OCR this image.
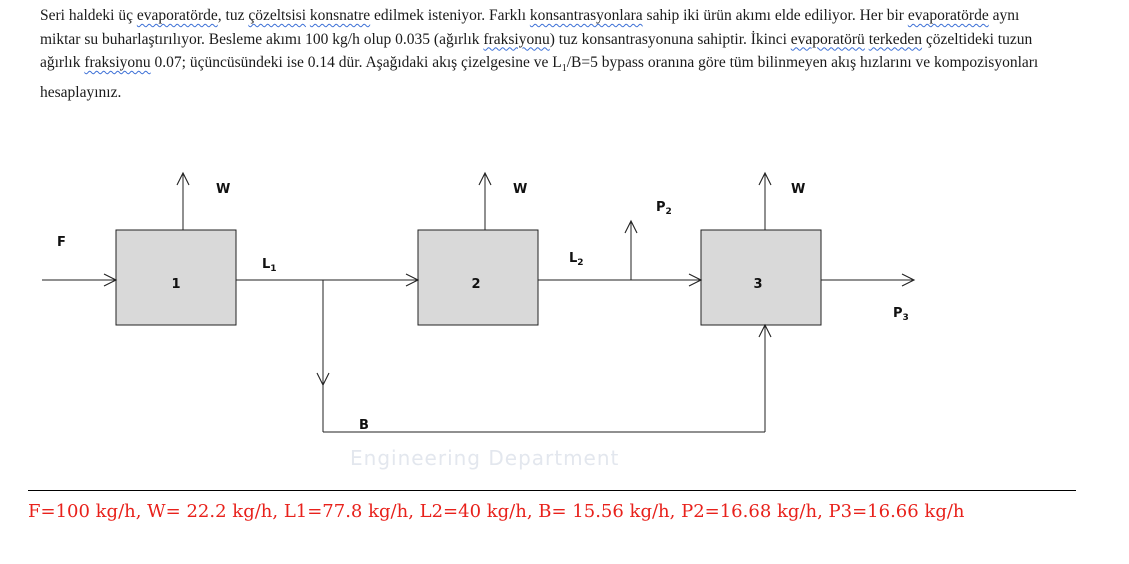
Seri haldeki üç evaporatörde, tuz çözeltsisi konsnatre edilmek isteniyor. Farklı konsantrasyonlara sahip iki ürün akımı elde ediliyor. Her bir evaporatörde aynı miktar su buharlaştırılıyor. Besleme akımı 100 kg/h olup 0.035 (ağırlık fraksiyonu) tuz konsantrasyonuna sahiptir. İkinci evaporatörü terkeden çözeltideki tuzun ağırlık fraksiyonu 0.07; üçüncüsündeki ise 0.14 dür. Aşağıdaki akış çizelgesine ve $L_1/B=5$ bypass oranına göre tüm bilinmeyen akış hızlarını ve kompozisyonları hesaplayınız.

1	2	3
F
W	W	W
$L_1$
B
$L_2$
$P_2$
$P_3$
Engineering Department

F=100 kg/h, W= 22.2 kg/h, L1=77.8 kg/h, L2=40 kg/h, B= 15.56 kg/h, P2=16.68 kg/h, P3=16.66 kg/h
